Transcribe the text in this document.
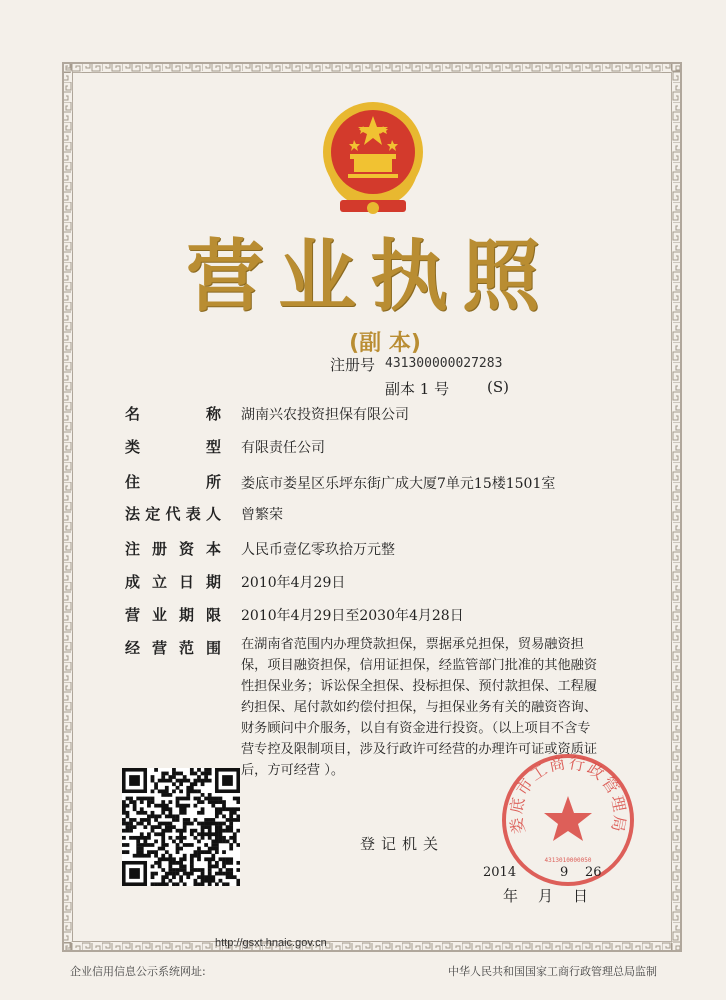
营业执照
(副 本)
注册号 431300000027283
副本 1 号	(S)
名	称 湖南兴农投资担保有限公司
类	型 有限责任公司
住	所 娄底市娄星区乐坪东街广成大厦7单元15楼1501室
法 定 代 表 人 曾繁荣
注 册 资 本 人民币壹亿零玖拾万元整
成 立 日 期 2010年4月29日
营 业 期 限 2010年4月29日至2030年4月28日
经 营 范 围 在湖南省范围内办理贷款担保，票据承兑担保，贸易融资担
保，项目融资担保，信用证担保，经监管部门批准的其他融资
性担保业务；诉讼保全担保、投标担保、预付款担保、工程履
约担保、尾付款如约偿付担保，与担保业务有关的融资咨询、
财务顾问中介服务，以自有资金进行投资。（以上项目不含专
营专控及限制项目，涉及行政许可经营的办理许可证或资质证
后，方可经营 ）。
登记机关
娄底市工商行政管理局
4313010000050
2014	9 26
年月日
http://gsxt.hnaic.gov.cn
企业信用信息公示系统网址:	中华人民共和国国家工商行政管理总局监制
